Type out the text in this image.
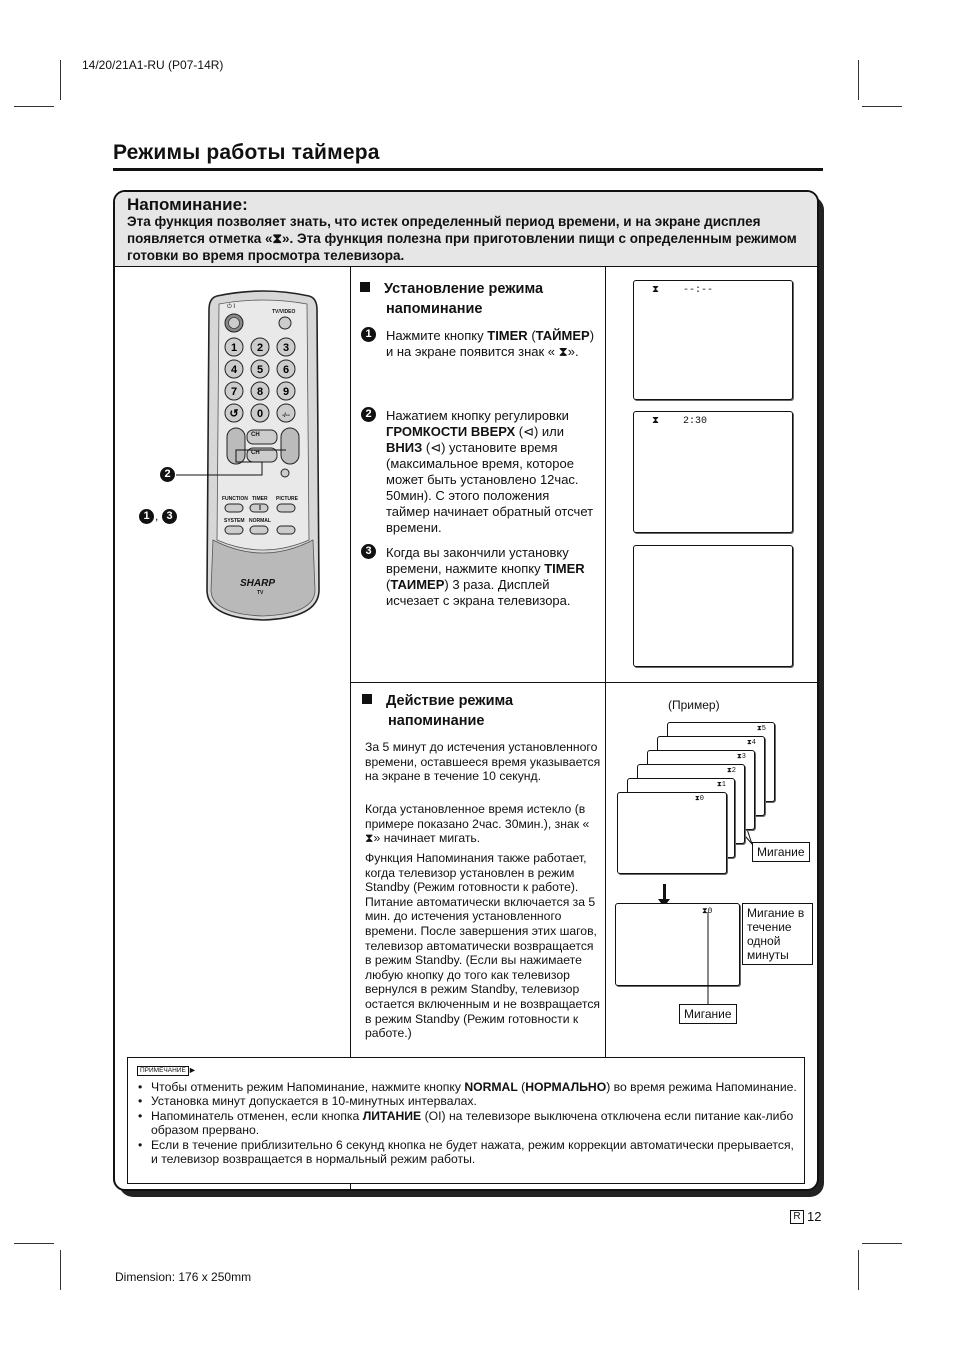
14/20/21A1-RU (P07-14R)
Режимы работы таймера
Напоминание:
Эта функция позволяет знать, что истек определенный период времени, и на экране дисплея появляется отметка «⧗». Эта функция полезна при приготовлении пищи с определенным режимом готовки во время просмотра телевизора.
1 2 3
4 5 6
7 8 9
↺ 0	-/--
⏻ I
TV/VIDEO
CH
CH
FUNCTION TIMER PICTURE
SYSTEM NORMAL
SHARP
TV
2
1 , 3
Установление режима
напоминание
1	Нажмите кнопку TIMER (ТАЙМЕР) и на экране появится знак « ⧗».
2	Нажатием кнопку регулировки ГРОМКОСТИ ВВЕРХ (⊲) или ВНИЗ (⊲) установите время (максимальное время, которое может быть установлено 12час. 50мин). С этого положения таймер начинает обратный отсчет времени.
3	Когда вы закончили установку времени, нажмите кнопку TIMER (ТАИМЕР) 3 раза. Дисплей исчезает с экрана телевизора.
⧗    --:--
⧗    2:30
Действие режима
напоминание
За 5 минут до истечения установленного времени, оставшееся время указывается на экране в течение 10 секунд.
Когда установленное время истекло (в примере показано 2час. 30мин.), знак « ⧗» начинает мигать.
Функция Напоминания также работает, когда телевизор установлен в режим Standby (Режим готовности к работе). Питание автоматически включается за 5 мин. до истечения установленного времени. После завершения этих шагов, телевизор автоматически возвращается в режим Standby. (Если вы нажимаете любую кнопку до того как телевизор вернулся в режим Standby, телевизор остается включенным и не возвращается в режим Standby (Режим готовности к работе.)
(Пример)
⧗5
⧗4
⧗3
⧗2
⧗1
⧗0
Мигание
⧗0	Мигание в течение одной минуты
Мигание
ПРИМЕЧАНИЕ ►
• Чтобы отменить режим Напоминание, нажмите кнопку NORMAL (НОРМАЛЬНО) во время режима Напоминание.
• Установка минут допускается в 10-минутных интервалах.
• Напоминатель отменен, если кнопка ЛИТАНИЕ (OI) на телевизоре выключена отключена если питание как-либо образом прервано.
• Если в течение приблизительно 6 секунд кнопка не будет нажата, режим коррекции автоматически прерывается, и телевизор возвращается в нормальный режим работы.
R 12
Dimension: 176 x 250mm
